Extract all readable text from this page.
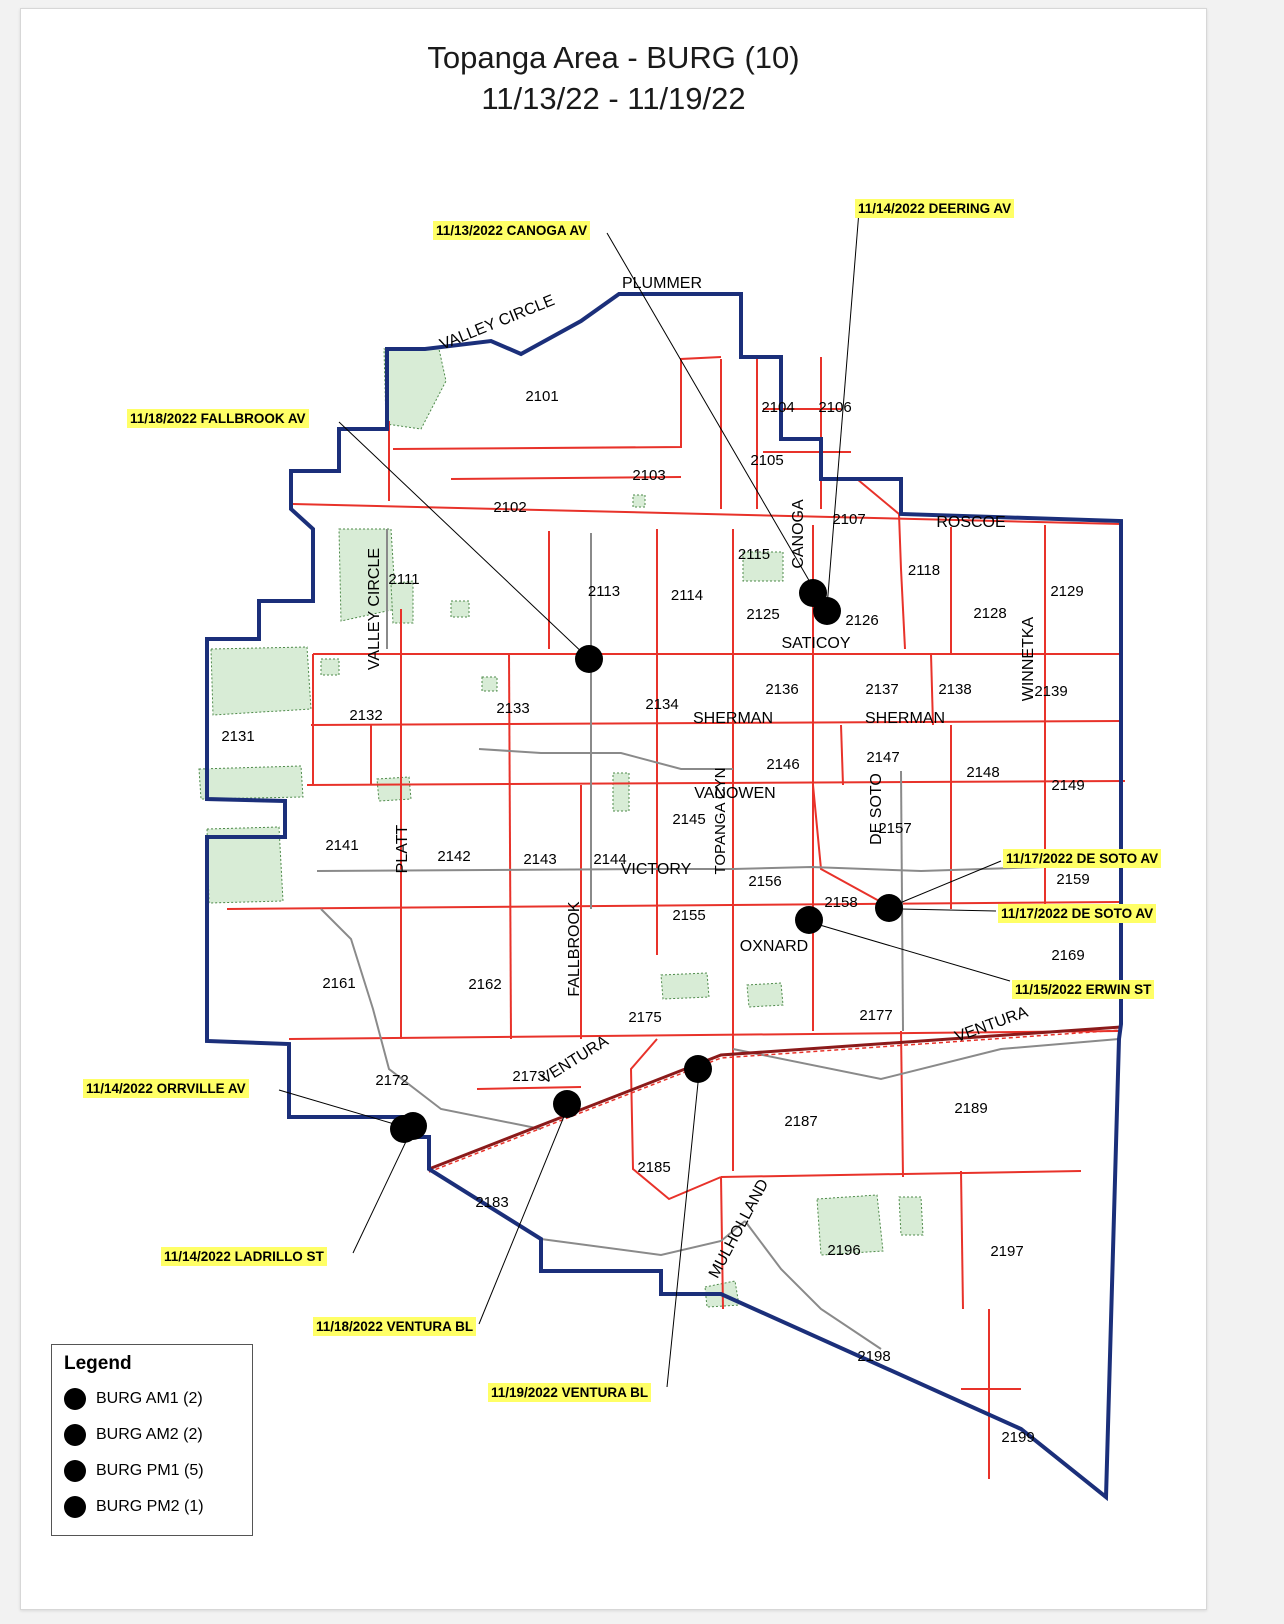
Topanga Area - BURG (10)
11/13/22 - 11/19/22
PLUMMER
VALLEY CIRCLE
VALLEY CIRCLE
CANOGA	ROSCOE
SATICOY
SHERMAN	SHERMAN
WINNETKA
VANOWEN	DE SOTO
VICTORY TOPANGA CYN
PLATT
OXNARD
FALLBROOK
VENTURA
VENTURA
MULHOLLAND
2101
2102
2103
2104
2105
2106
2107
2111
2113	2114
2115
2118
2125	2126	2128
2129
2131
2132	2133	2134
2136	2137	2138	2139
2141
2142	2143 2144
2145
2146	2147
2148
2149
2155
2156
2157
2158
2159
2161	2162
2169
2172	2173
2175	2177
2183
2185
2187
2189
2196	2197
2198
2199
11/13/2022 CANOGA AV
11/14/2022 DEERING AV
11/18/2022 FALLBROOK AV
11/17/2022 DE SOTO AV
11/17/2022 DE SOTO AV
11/15/2022 ERWIN ST
11/14/2022 ORRVILLE AV
11/14/2022 LADRILLO ST
11/18/2022 VENTURA BL
11/19/2022 VENTURA BL
Legend
BURG AM1 (2)
BURG AM2 (2)
BURG PM1 (5)
BURG PM2 (1)
